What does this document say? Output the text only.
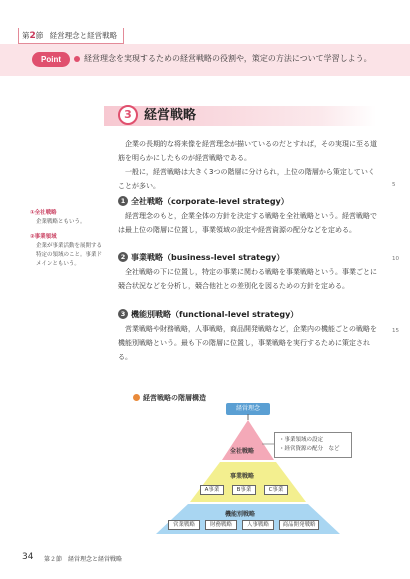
第2節 経営理念と経営戦略
Point	経営理念を実現するための経営戦略の役割や，策定の方法について学習しよう。
3 経営戦略
企業の長期的な将来像を経営理念が描いているのだとすれば，その実現に至る道筋を明らかにしたものが経営戦略である。
一般に，経営戦略は大きく3つの階層に分けられ，上位の階層から策定していくことが多い。	5
1 全社戦略（corporate-level strategy）
経営理念のもと，企業全体の方針を決定する戦略を全社戦略という。経営戦略では最上位の階層に位置し，事業領域の設定や経営資源の配分などを定める。
2 事業戦略（business-level strategy）	10
全社戦略の下に位置し，特定の事業に関わる戦略を事業戦略という。事業ごとに競合状況などを分析し，競合他社との差別化を図るための方針を定める。
3 機能別戦略（functional-level strategy）
営業戦略や財務戦略，人事戦略，商品開発戦略など，企業内の機能ごとの戦略を機能別戦略という。最も下の階層に位置し，事業戦略を実行するために策定される。
15
①全社戦略
企業戦略ともいう。
②事業領域
企業が事業活動を展開する特定の領域のこと。事業ドメインともいう。
経営戦略の階層構造
経営理念
全社戦略
事業戦略
機能別戦略
A事業	B事業	C事業
営業戦略	財務戦略	人事戦略	商品開発戦略
・事業領域の設定
・経営資源の配分　など
34 第２節　経営理念と経営戦略
